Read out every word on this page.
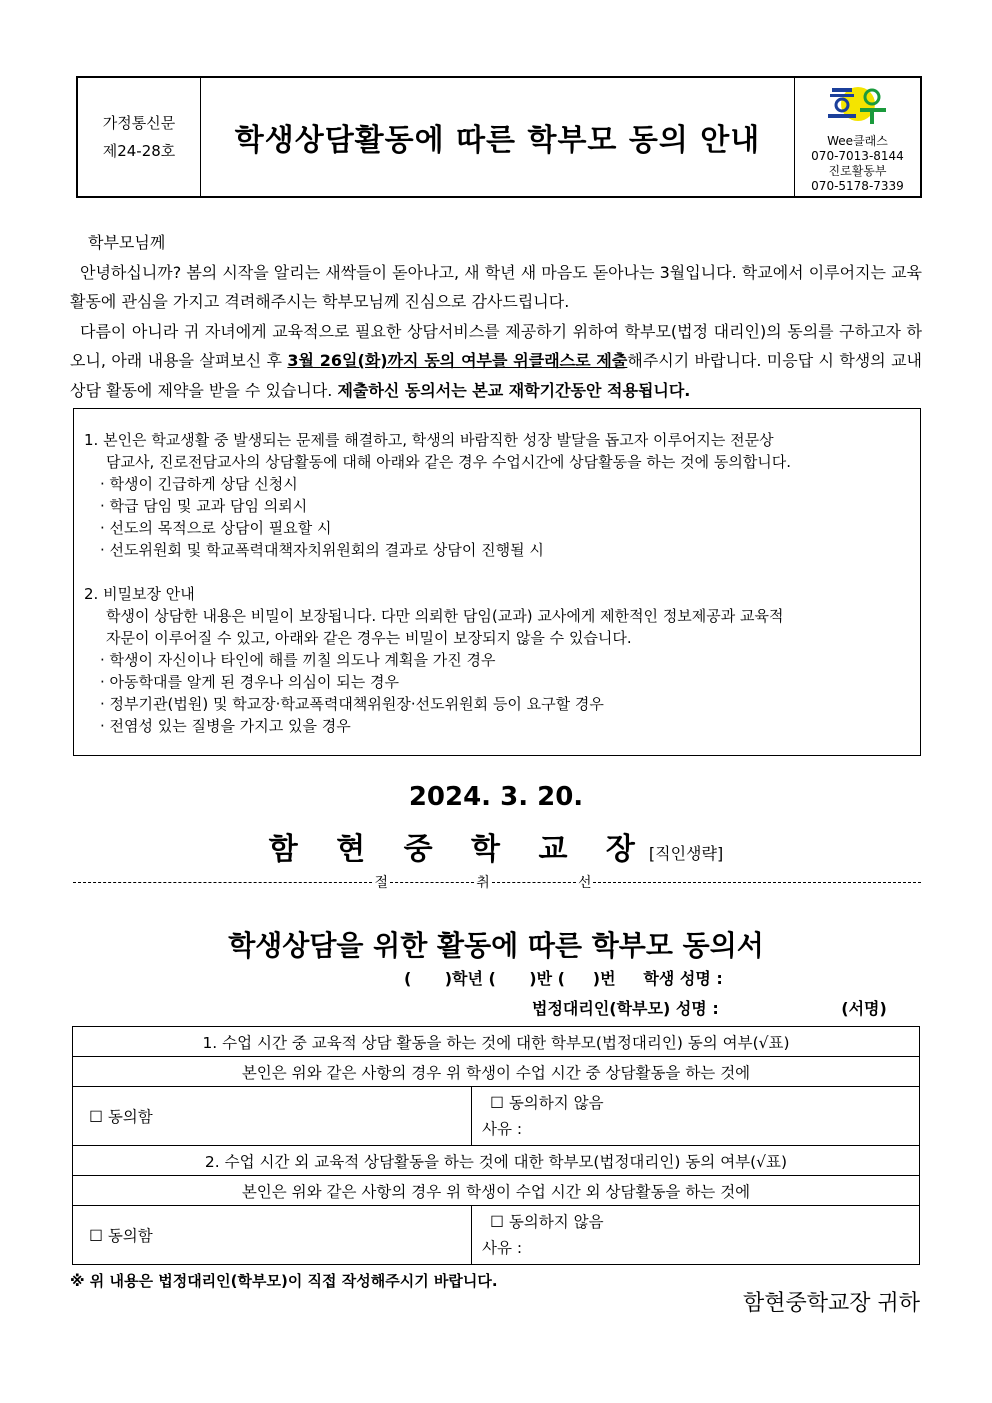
가정통신문
제24-28호	학생상담활동에 따른 학부모 동의 안내	Wee클래스
070-7013-8144
진로활동부
070-5178-7339

학부모님께

안녕하십니까? 봄의 시작을 알리는 새싹들이 돋아나고, 새 학년 새 마음도 돋아나는 3월입니다. 학교에서 이루어지는 교육활동에 관심을 가지고 격려해주시는 학부모님께 진심으로 감사드립니다.

다름이 아니라 귀 자녀에게 교육적으로 필요한 상담서비스를 제공하기 위하여 학부모(법정 대리인)의 동의를 구하고자 하오니, 아래 내용을 살펴보신 후 3월 26일(화)까지 동의 여부를 위클래스로 제출해주시기 바랍니다. 미응답 시 학생의 교내 상담 활동에 제약을 받을 수 있습니다. 제출하신 동의서는 본교 재학기간동안 적용됩니다.

1. 본인은 학교생활 중 발생되는 문제를 해결하고, 학생의 바람직한 성장 발달을 돕고자 이루어지는 전문상
담교사, 진로전담교사의 상담활동에 대해 아래와 같은 경우 수업시간에 상담활동을 하는 것에 동의합니다.
· 학생이 긴급하게 상담 신청시
· 학급 담임 및 교과 담임 의뢰시
· 선도의 목적으로 상담이 필요할 시
· 선도위원회 및 학교폭력대책자치위원회의 결과로 상담이 진행될 시
2. 비밀보장 안내
학생이 상담한 내용은 비밀이 보장됩니다. 다만 의뢰한 담임(교과) 교사에게 제한적인 정보제공과 교육적
자문이 이루어질 수 있고, 아래와 같은 경우는 비밀이 보장되지 않을 수 있습니다.
· 학생이 자신이나 타인에 해를 끼칠 의도나 계획을 가진 경우
· 아동학대를 알게 된 경우나 의심이 되는 경우
· 정부기관(법원) 및 학교장·학교폭력대책위원장·선도위원회 등이 요구할 경우
· 전염성 있는 질병을 가지고 있을 경우
2024. 3. 20.
함 현 중 학 교 장[직인생략]
절	취	선
학생상담을 위한 활동에 따른 학부모 동의서
(      )학년 (      )반 (     )번     학생 성명 :
법정대리인(학부모) 성명 :                      (서명)
1. 수업 시간 중 교육적 상담 활동을 하는 것에 대한 학부모(법정대리인) 동의 여부(√표)	
본인은 위와 같은 사항의 경우 위 학생이 수업 시간 중 상담활동을 하는 것에	
☐ 동의함	☐ 동의하지 않음
사유 :

2. 수업 시간 외 교육적 상담활동을 하는 것에 대한 학부모(법정대리인) 동의 여부(√표)	
본인은 위와 같은 사항의 경우 위 학생이 수업 시간 외 상담활동을 하는 것에	
☐ 동의함	☐ 동의하지 않음
사유 :
※ 위 내용은 법정대리인(학부모)이 직접 작성해주시기 바랍니다.
함현중학교장 귀하
